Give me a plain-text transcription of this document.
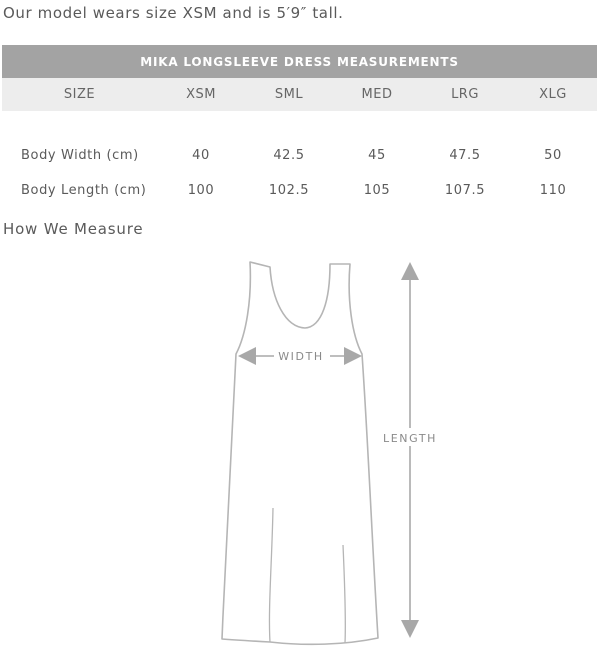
Our model wears size XSM and is 5′9″ tall.
MIKA LONGSLEEVE DRESS MEASUREMENTS					
SIZE	XSM	SML	MED	LRG	XLG
Body Width (cm)	40	42.5	45	47.5	50
Body Length (cm)	100	102.5	105	107.5	110
How We Measure
WIDTH
LENGTH
